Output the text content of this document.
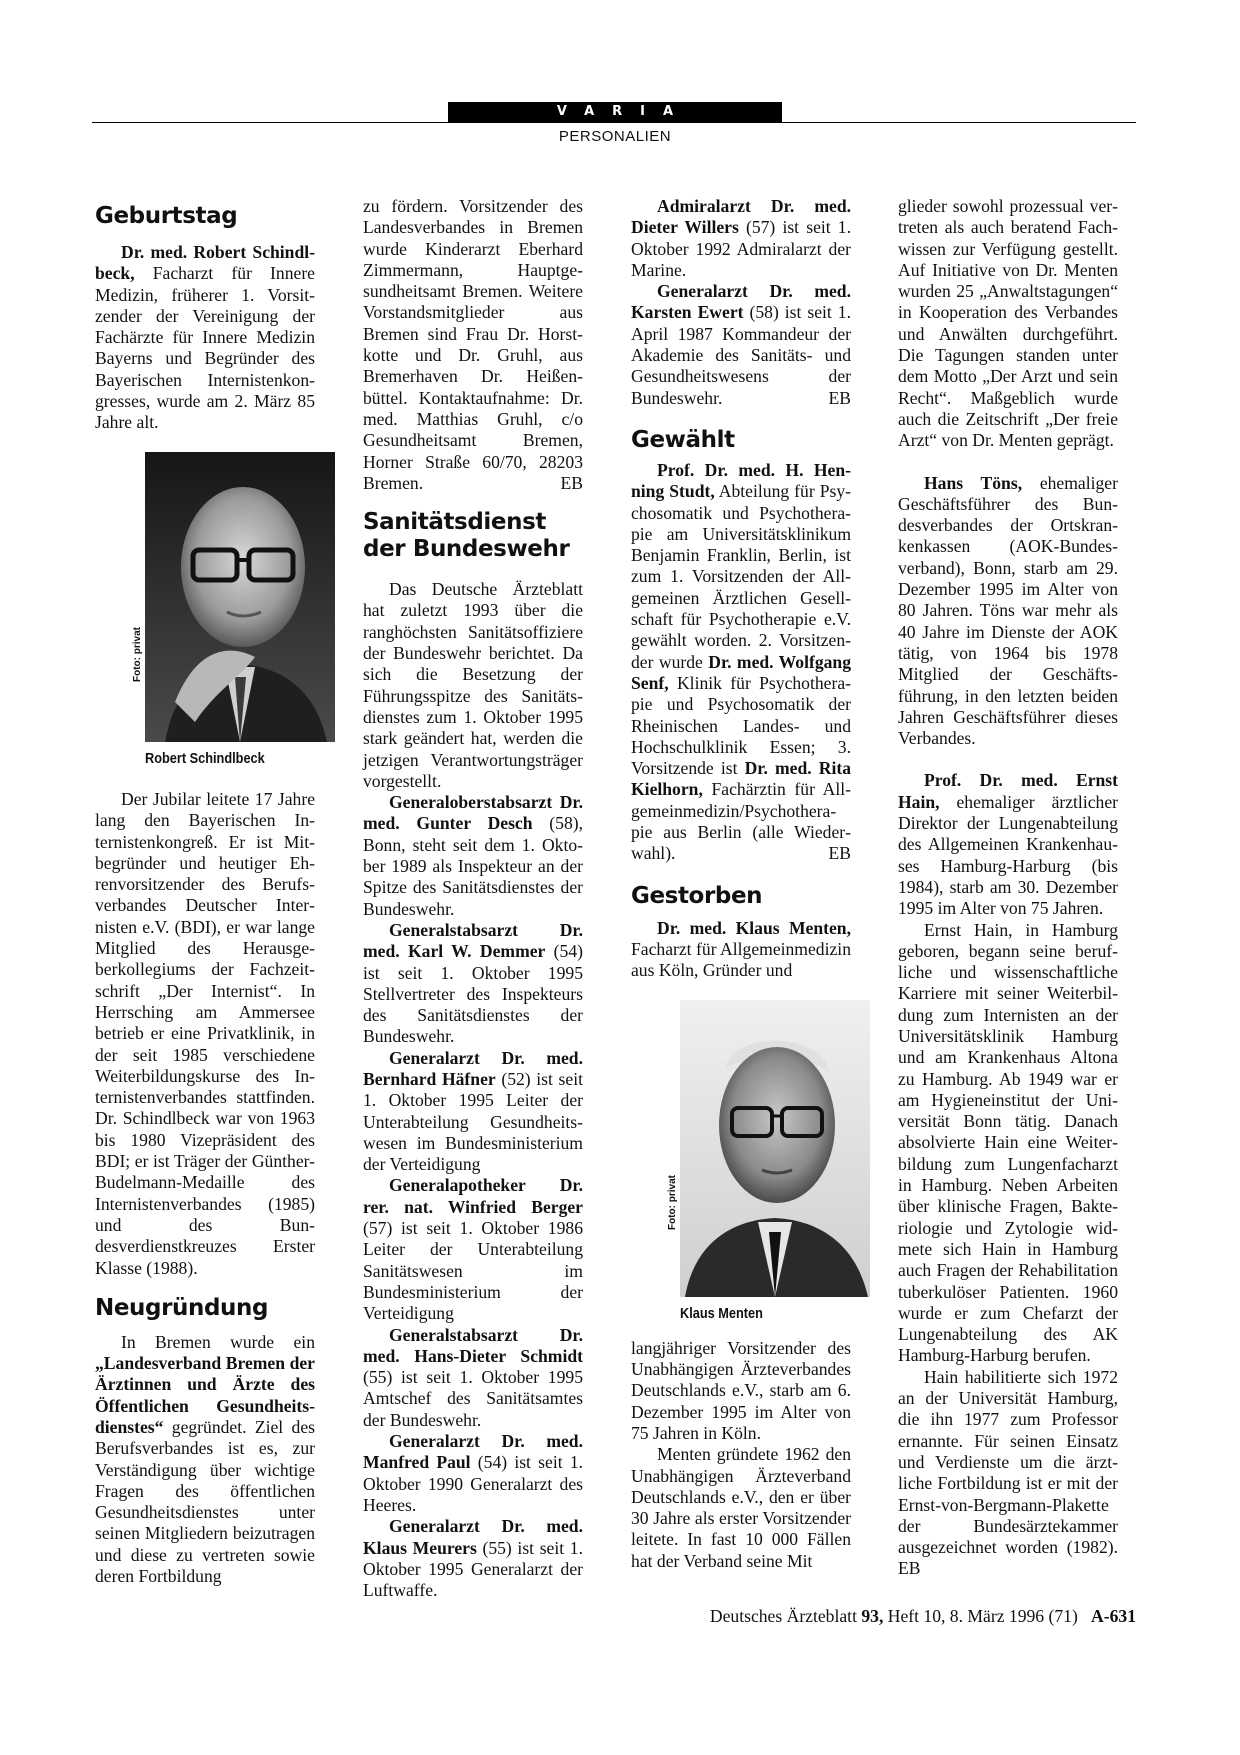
VARIA
PERSONALIEN
Geburtstag

Dr. med. Robert Schindlbeck, Facharzt für Innere Medizin, früherer 1. Vorsitzender der Vereinigung der Fachärzte für Innere Medizin Bayerns und Begründer des Bayerischen Internistenkongresses, wurde am 2. März 85 Jahre alt.

Foto: privat
Robert Schindlbeck

Der Jubilar leitete 17 Jahre lang den Bayerischen Internistenkongreß. Er ist Mitbegründer und heutiger Ehrenvorsitzender des Berufsverbandes Deutscher Internisten e.V. (BDI), er war lange Mitglied des Herausgeberkollegiums der Fachzeitschrift „Der Internist“. In Herrsching am Ammersee betrieb er eine Privatklinik, in der seit 1985 verschiedene Weiterbildungskurse des Internistenverbandes stattfinden. Dr. Schindlbeck war von 1963 bis 1980 Vizepräsident des BDI; er ist Träger der Günther-Budelmann-Medaille des Internistenverbandes (1985) und des Bundesverdienstkreuzes Erster Klasse (1988).

Neugründung

In Bremen wurde ein „Landesverband Bremen der Ärztinnen und Ärzte des Öffentlichen Gesundheitsdienstes“ gegründet. Ziel des Berufsverbandes ist es, zur Verständigung über wichtige Fragen des öffentlichen Gesundheitsdienstes unter seinen Mitgliedern beizutragen und diese zu vertreten sowie deren Fortbildung

zu fördern. Vorsitzender des Landesverbandes in Bremen wurde Kinderarzt Eberhard Zimmermann, Hauptgesundheitsamt Bremen. Weitere Vorstandsmitglieder aus Bremen sind Frau Dr. Horstkotte und Dr. Gruhl, aus Bremerhaven Dr. Heißenbüttel. Kontaktaufnahme: Dr. med. Matthias Gruhl, c/o Gesundheitsamt Bremen, Horner Straße 60/70, 28203 Bremen. EB

Sanitätsdienst der Bundeswehr

Das Deutsche Ärzteblatt hat zuletzt 1993 über die ranghöchsten Sanitätsoffiziere der Bundeswehr berichtet. Da sich die Besetzung der Führungsspitze des Sanitätsdienstes zum 1. Oktober 1995 stark geändert hat, werden die jetzigen Verantwortungsträger vorgestellt.

Generaloberstabsarzt Dr. med. Gunter Desch (58), Bonn, steht seit dem 1. Oktober 1989 als Inspekteur an der Spitze des Sanitätsdienstes der Bundeswehr.

Generalstabsarzt Dr. med. Karl W. Demmer (54) ist seit 1. Oktober 1995 Stellvertreter des Inspekteurs des Sanitätsdienstes der Bundeswehr.

Generalarzt Dr. med. Bernhard Häfner (52) ist seit 1. Oktober 1995 Leiter der Unterabteilung Gesundheitswesen im Bundesministerium der Verteidigung

Generalapotheker Dr. rer. nat. Winfried Berger (57) ist seit 1. Oktober 1986 Leiter der Unterabteilung Sanitätswesen im Bundesministerium der Verteidigung

Generalstabsarzt Dr. med. Hans-Dieter Schmidt (55) ist seit 1. Oktober 1995 Amtschef des Sanitätsamtes der Bundeswehr.

Generalarzt Dr. med. Manfred Paul (54) ist seit 1. Oktober 1990 Generalarzt des Heeres.

Generalarzt Dr. med. Klaus Meurers (55) ist seit 1. Oktober 1995 Generalarzt der Luftwaffe.

Admiralarzt Dr. med. Dieter Willers (57) ist seit 1. Oktober 1992 Admiralarzt der Marine.

Generalarzt Dr. med. Karsten Ewert (58) ist seit 1. April 1987 Kommandeur der Akademie des Sanitäts- und Gesundheitswesens der Bundeswehr. EB

Gewählt

Prof. Dr. med. H. Henning Studt, Abteilung für Psychosomatik und Psychotherapie am Universitätsklinikum Benjamin Franklin, Berlin, ist zum 1. Vorsitzenden der Allgemeinen Ärztlichen Gesellschaft für Psychotherapie e.V. gewählt worden. 2. Vorsitzender wurde Dr. med. Wolfgang Senf, Klinik für Psychotherapie und Psychosomatik der Rheinischen Landes- und Hochschulklinik Essen; 3. Vorsitzende ist Dr. med. Rita Kielhorn, Fachärztin für Allgemeinmedizin/Psychotherapie aus Berlin (alle Wiederwahl). EB

Gestorben

Dr. med. Klaus Menten, Facharzt für Allgemeinmedizin aus Köln, Gründer und

Foto: privat
Klaus Menten

langjähriger Vorsitzender des Unabhängigen Ärzteverbandes Deutschlands e.V., starb am 6. Dezember 1995 im Alter von 75 Jahren in Köln.

Menten gründete 1962 den Unabhängigen Ärzteverband Deutschlands e.V., den er über 30 Jahre als erster Vorsitzender leitete. In fast 10 000 Fällen hat der Verband seine Mit

glieder sowohl prozessual vertreten als auch beratend Fachwissen zur Verfügung gestellt. Auf Initiative von Dr. Menten wurden 25 „Anwaltstagungen“ in Kooperation des Verbandes und Anwälten durchgeführt. Die Tagungen standen unter dem Motto „Der Arzt und sein Recht“. Maßgeblich wurde auch die Zeitschrift „Der freie Arzt“ von Dr. Menten geprägt.

Hans Töns, ehemaliger Geschäftsführer des Bundesverbandes der Ortskrankenkassen (AOK-Bundesverband), Bonn, starb am 29. Dezember 1995 im Alter von 80 Jahren. Töns war mehr als 40 Jahre im Dienste der AOK tätig, von 1964 bis 1978 Mitglied der Geschäftsführung, in den letzten beiden Jahren Geschäftsführer dieses Verbandes.

Prof. Dr. med. Ernst Hain, ehemaliger ärztlicher Direktor der Lungenabteilung des Allgemeinen Krankenhauses Hamburg-Harburg (bis 1984), starb am 30. Dezember 1995 im Alter von 75 Jahren.

Ernst Hain, in Hamburg geboren, begann seine berufliche und wissenschaftliche Karriere mit seiner Weiterbildung zum Internisten an der Universitätsklinik Hamburg und am Krankenhaus Altona zu Hamburg. Ab 1949 war er am Hygieneinstitut der Universität Bonn tätig. Danach absolvierte Hain eine Weiterbildung zum Lungenfacharzt in Hamburg. Neben Arbeiten über klinische Fragen, Bakteriologie und Zytologie widmete sich Hain in Hamburg auch Fragen der Rehabilitation tuberkulöser Patienten. 1960 wurde er zum Chefarzt der Lungenabteilung des AK Hamburg-Harburg berufen.

Hain habilitierte sich 1972 an der Universität Hamburg, die ihn 1977 zum Professor ernannte. Für seinen Einsatz und Verdienste um die ärztliche Fortbildung ist er mit der Ernst-von-Bergmann-Plakette der Bundesärztekammer ausgezeichnet worden (1982). EB

Deutsches Ärzteblatt 93, Heft 10, 8. März 1996 (71) A-631
